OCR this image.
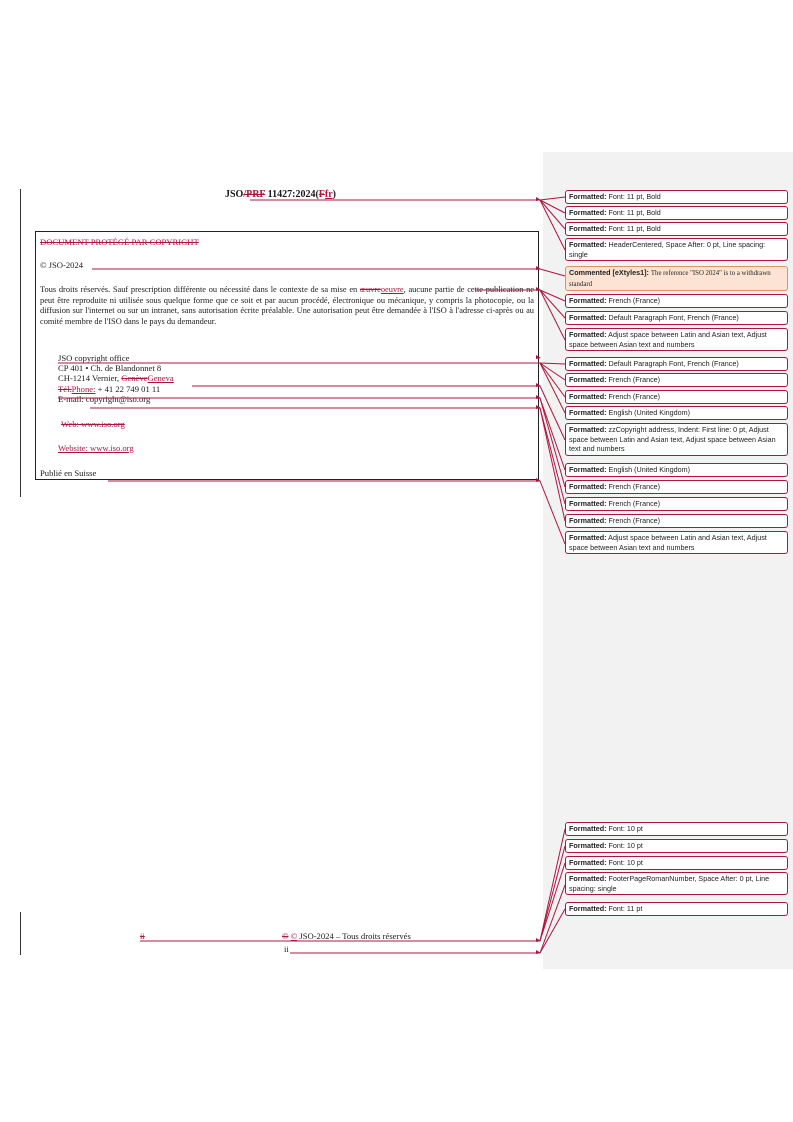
JSO/PRF 11427:2024(Ffr)
DOCUMENT PROTÉGÉ PAR COPYRIGHT
© JSO-2024
Tous droits réservés. Sauf prescription différente ou nécessité dans le contexte de sa mise en œuvreoeuvre, aucune partie de cette publication ne peut être reproduite ni utilisée sous quelque forme que ce soit et par aucun procédé, électronique ou mécanique, y compris la photocopie, ou la diffusion sur l'internet ou sur un intranet, sans autorisation écrite préalable. Une autorisation peut être demandée à l'ISO à l'adresse ci-après ou au comité membre de l'ISO dans le pays du demandeur.
JSO copyright office
CP 401 • Ch. de Blandonnet 8
CH-1214 Vernier, GenèveGeneva
Tél.Phone: + 41 22 749 01 11
E-mail: copyright@iso.org
Web: www.iso.org
Website: www.iso.org
Publié en Suisse
ii	© © JSO-2024 – Tous droits réservés
ii
Formatted: Font: 11 pt, Bold
Formatted: Font: 11 pt, Bold
Formatted: Font: 11 pt, Bold
Formatted: HeaderCentered, Space After: 0 pt, Line spacing: single
Commented [eXtyles1]: The reference "ISO 2024" is to a withdrawn standard
Formatted: French (France)
Formatted: Default Paragraph Font, French (France)
Formatted: Adjust space between Latin and Asian text, Adjust space between Asian text and numbers
Formatted: Default Paragraph Font, French (France)
Formatted: French (France)
Formatted: French (France)
Formatted: English (United Kingdom)
Formatted: zzCopyright address, Indent: First line: 0 pt, Adjust space between Latin and Asian text, Adjust space between Asian text and numbers
Formatted: English (United Kingdom)
Formatted: French (France)
Formatted: French (France)
Formatted: French (France)
Formatted: Adjust space between Latin and Asian text, Adjust space between Asian text and numbers
Formatted: Font: 10 pt
Formatted: Font: 10 pt
Formatted: Font: 10 pt
Formatted: FooterPageRomanNumber, Space After: 0 pt, Line spacing: single
Formatted: Font: 11 pt
